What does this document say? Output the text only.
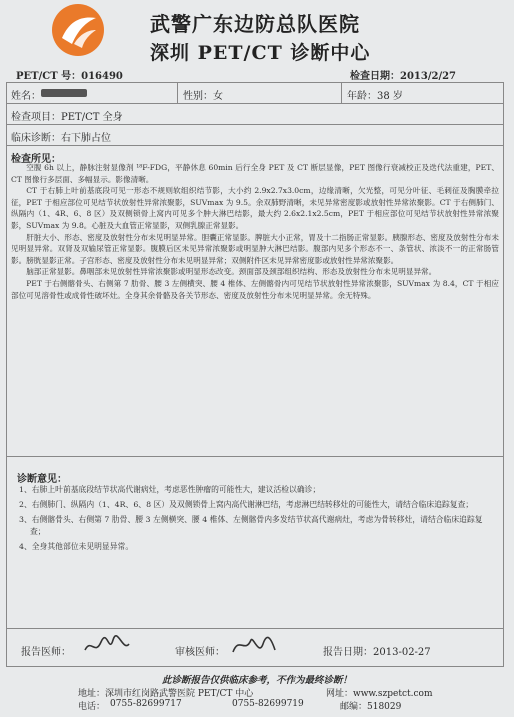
武警广东边防总队医院
深圳 PET/CT 诊断中心
PET/CT 号：016490	检查日期：2013/2/27
姓名：	性别：女	年龄：38 岁
检查项目：PET/CT 全身
临床诊断：右下肺占位
检查所见：

空腹 6h 以上，静脉注射显像剂 ¹⁸F-FDG，平静休息 60min 后行全身 PET 及 CT 断层显像，PET 图像行衰减校正及迭代法重建，PET、CT 图像行多层面、多幅显示。影像清晰。

CT 于右肺上叶前基底段可见一形态不规则软组织结节影，大小约 2.9x2.7x3.0cm，边缘清晰，欠光整，可见分叶征、毛刺征及胸膜牵拉征，PET 于相应部位可见结节状放射性异常浓聚影，SUVmax 为 9.5。余双肺野清晰，未见异常密度影或放射性异常浓聚影。CT 于右侧肺门、纵隔内（1、4R、6、8 区）及双侧锁骨上窝内可见多个肿大淋巴结影，最大约 2.6x2.1x2.5cm，PET 于相应部位可见结节状放射性异常浓聚影，SUVmax 为 9.8。心脏及大血管正常显影，双侧乳腺正常显影。

肝脏大小、形态、密度及放射性分布未见明显异常。胆囊正常显影。脾脏大小正常，胃及十二指肠正常显影。胰腺形态、密度及放射性分布未见明显异常。双肾及双输尿管正常显影。腹膜后区未见异常浓聚影或明显肿大淋巴结影。腹部内见多个形态不一、条管状、浓淡不一的正常肠管影。膀胱显影正常。子宫形态、密度及放射性分布未见明显异常；双侧附件区未见异常密度影或放射性异常浓聚影。

脑部正常显影。鼻咽部未见放射性异常浓聚影或明显形态改变。颈面部及颈部组织结构、形态及放射性分布未见明显异常。

PET 于右侧髂骨头、右侧第 7 肋骨、腰 3 左侧横突、腰 4 椎体、左侧髂骨内可见结节状放射性异常浓聚影，SUVmax 为 8.4，CT 于相应部位可见溶骨性或成骨性破坏灶。全身其余骨骼及各关节形态、密度及放射性分布未见明显异常。余无特殊。

诊断意见：

1、右肺上叶前基底段结节状高代谢病灶，考虑恶性肿瘤的可能性大，建议活检以确诊；

2、右侧肺门、纵隔内（1、4R、6、8 区）及双侧锁骨上窝内高代谢淋巴结，考虑淋巴结转移灶的可能性大，请结合临床追踪复查；

3、右侧髂骨头、右侧第 7 肋骨、腰 3 左侧横突、腰 4 椎体、左侧髂骨内多发结节状高代谢病灶，考虑为骨转移灶，请结合临床追踪复查；

4、全身其他部位未见明显异常。

报告医师：	审核医师：	报告日期：2013-02-27
此诊断报告仅供临床参考，不作为最终诊断！
地址：深圳市红岗路武警医院 PET/CT 中心	网址：www.szpetct.com
电话： 0755-82699717	0755-82699719	邮编：518029
